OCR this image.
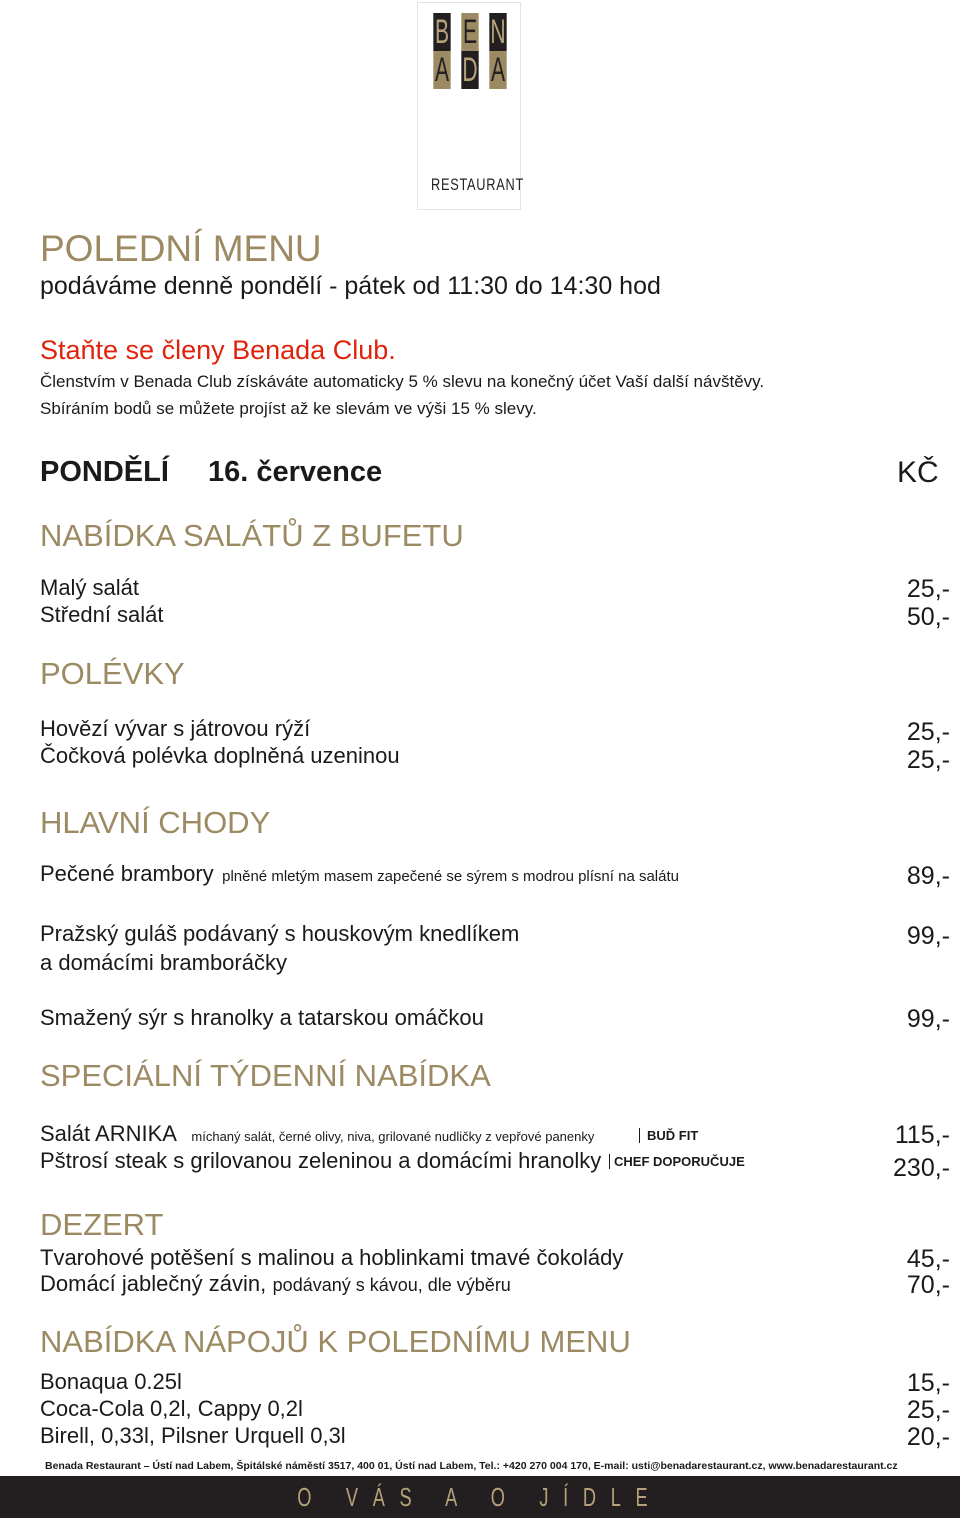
B E N
A D A
RESTAURANT
POLEDNÍ MENU
podáváme denně pondělí - pátek od 11:30 do 14:30 hod
Staňte se členy Benada Club.
Členstvím v Benada Club získáváte automaticky 5 % slevu na konečný účet Vaší další návštěvy.
Sbíráním bodů se můžete projíst až ke slevám ve výši 15 % slevy.
PONDĚLÍ 16. července	KČ
NABÍDKA SALÁTŮ Z BUFETU
Malý salát	25,-
Střední salát	50,-
POLÉVKY
Hovězí vývar s játrovou rýží	25,-
Čočková polévka doplněná uzeninou	25,-
HLAVNÍ CHODY
Pečené brambory plněné mletým masem zapečené se sýrem s modrou plísní na salátu	89,-
Pražský guláš podávaný s houskovým knedlíkem
a domácími bramboráčky
99,-
Smažený sýr s hranolky a tatarskou omáčkou	99,-
SPECIÁLNÍ TÝDENNÍ NABÍDKA
Salát ARNIKA míchaný salát, černé olivy, niva, grilované nudličky z vepřové panenky	BUĎ FIT	115,-
Pštrosí steak s grilovanou zeleninou a domácími hranolky CHEF DOPORUČUJE	230,-
DEZERT
Tvarohové potěšení s malinou a hoblinkami tmavé čokolády	45,-
Domácí jablečný závin, podávaný s kávou, dle výběru	70,-
NABÍDKA NÁPOJŮ K POLEDNÍMU MENU
Bonaqua 0.25l	15,-
Coca-Cola 0,2l, Cappy 0,2l	25,-
Birell, 0,33l, Pilsner Urquell 0,3l	20,-
Benada Restaurant – Ústí nad Labem, Špitálské náměstí 3517, 400 01, Ústí nad Labem, Tel.: +420 270 004 170, E-mail: usti@benadarestaurant.cz, www.benadarestaurant.cz
O VÁS A O JÍDLE
